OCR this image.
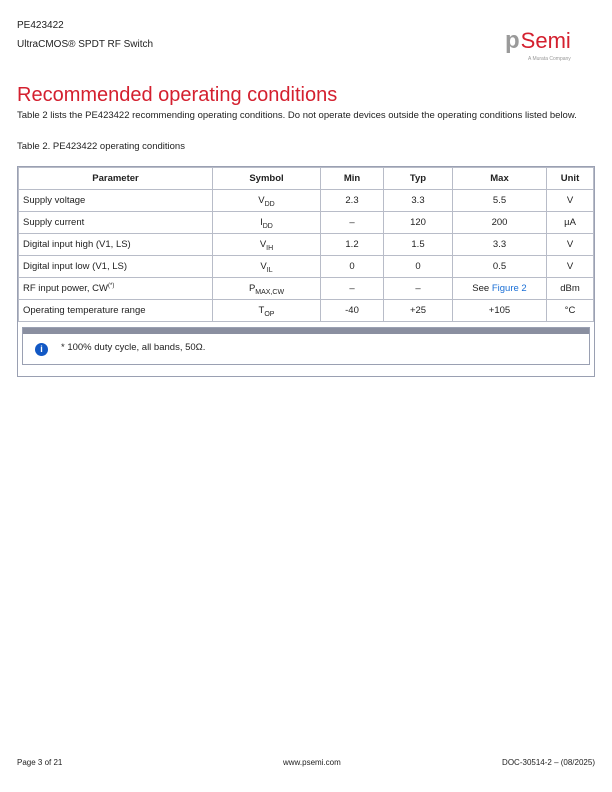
PE423422
UltraCMOS® SPDT RF Switch	p Semi
A Murata Company
Recommended operating conditions
Table 2 lists the PE423422 recommending operating conditions. Do not operate devices outside the operating conditions listed below.
Table 2. PE423422 operating conditions
Parameter	Symbol	Min	Typ	Max	Unit
Supply voltage	$V_{DD}$	2.3	3.3	5.5	V
Supply current	$I_{DD}$	–	120	200	µA
Digital input high (V1, LS)	$V_{IH}$	1.2	1.5	3.3	V
Digital input low (V1, LS)	$V_{IL}$	0	0	0.5	V
RF input power, CW(*)	$P_{MAX,CW}$	–	–	See Figure 2	dBm
Operating temperature range	$T_{OP}$	-40	+25	+105	°C
i	* 100% duty cycle, all bands, 50Ω.
Page 3 of 21	www.psemi.com	DOC-30514-2 – (08/2025)
